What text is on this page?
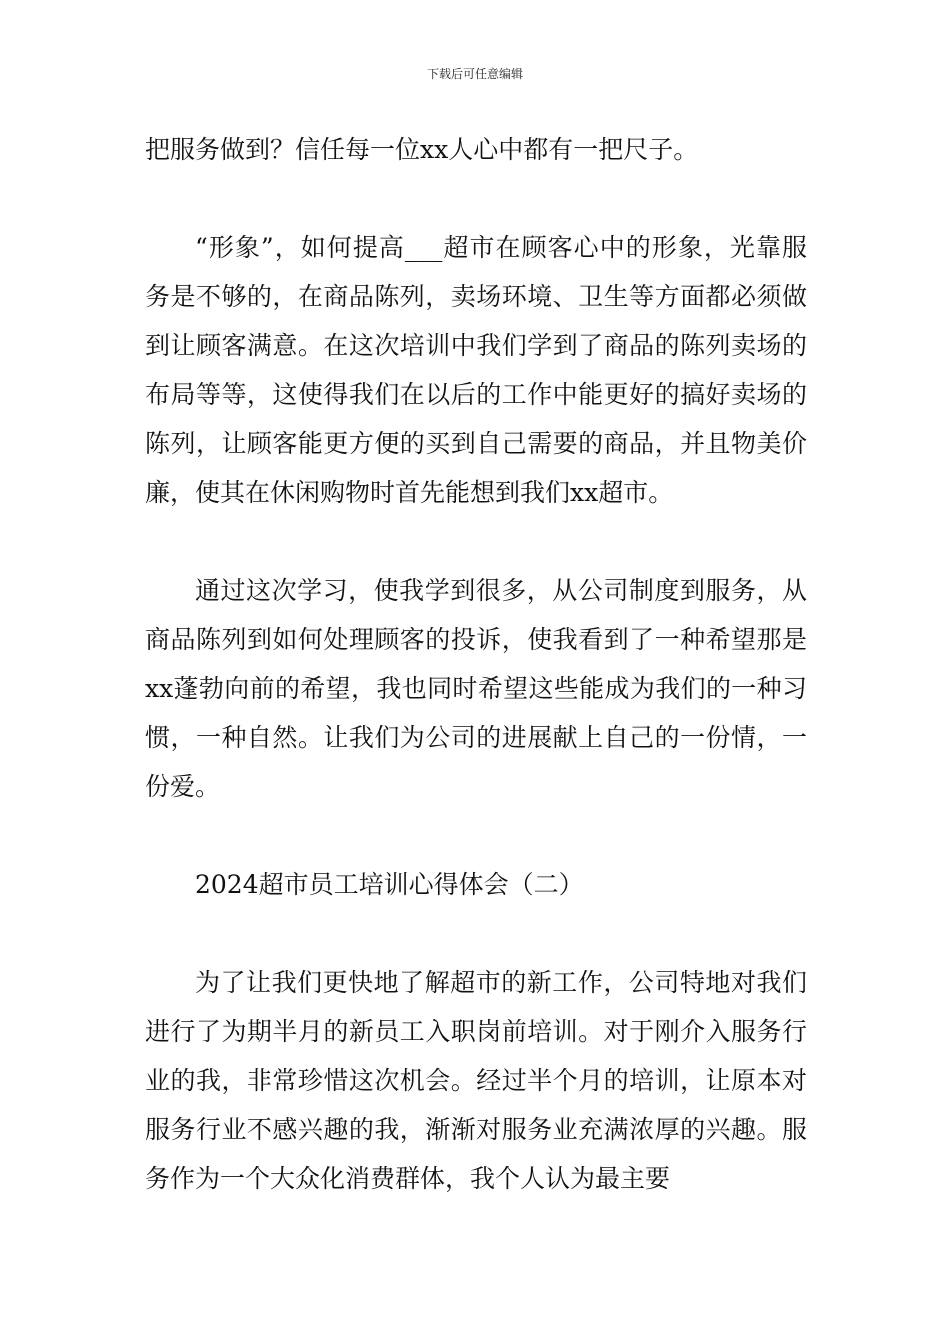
下载后可任意编辑

把服务做到？信任每一位xx人心中都有一把尺子。

“形象”，如何提高___超市在顾客心中的形象，光靠服务是不够的，在商品陈列，卖场环境、卫生等方面都必须做到让顾客满意。在这次培训中我们学到了商品的陈列卖场的布局等等，这使得我们在以后的工作中能更好的搞好卖场的陈列，让顾客能更方便的买到自己需要的商品，并且物美价廉，使其在休闲购物时首先能想到我们xx超市。

通过这次学习，使我学到很多，从公司制度到服务，从商品陈列到如何处理顾客的投诉，使我看到了一种希望那是xx蓬勃向前的希望，我也同时希望这些能成为我们的一种习惯，一种自然。让我们为公司的进展献上自己的一份情，一份爱。

2024超市员工培训心得体会（二）

为了让我们更快地了解超市的新工作，公司特地对我们进行了为期半月的新员工入职岗前培训。对于刚介入服务行业的我，非常珍惜这次机会。经过半个月的培训，让原本对服务行业不感兴趣的我，渐渐对服务业充满浓厚的兴趣。服务作为一个大众化消费群体，我个人认为最主要
